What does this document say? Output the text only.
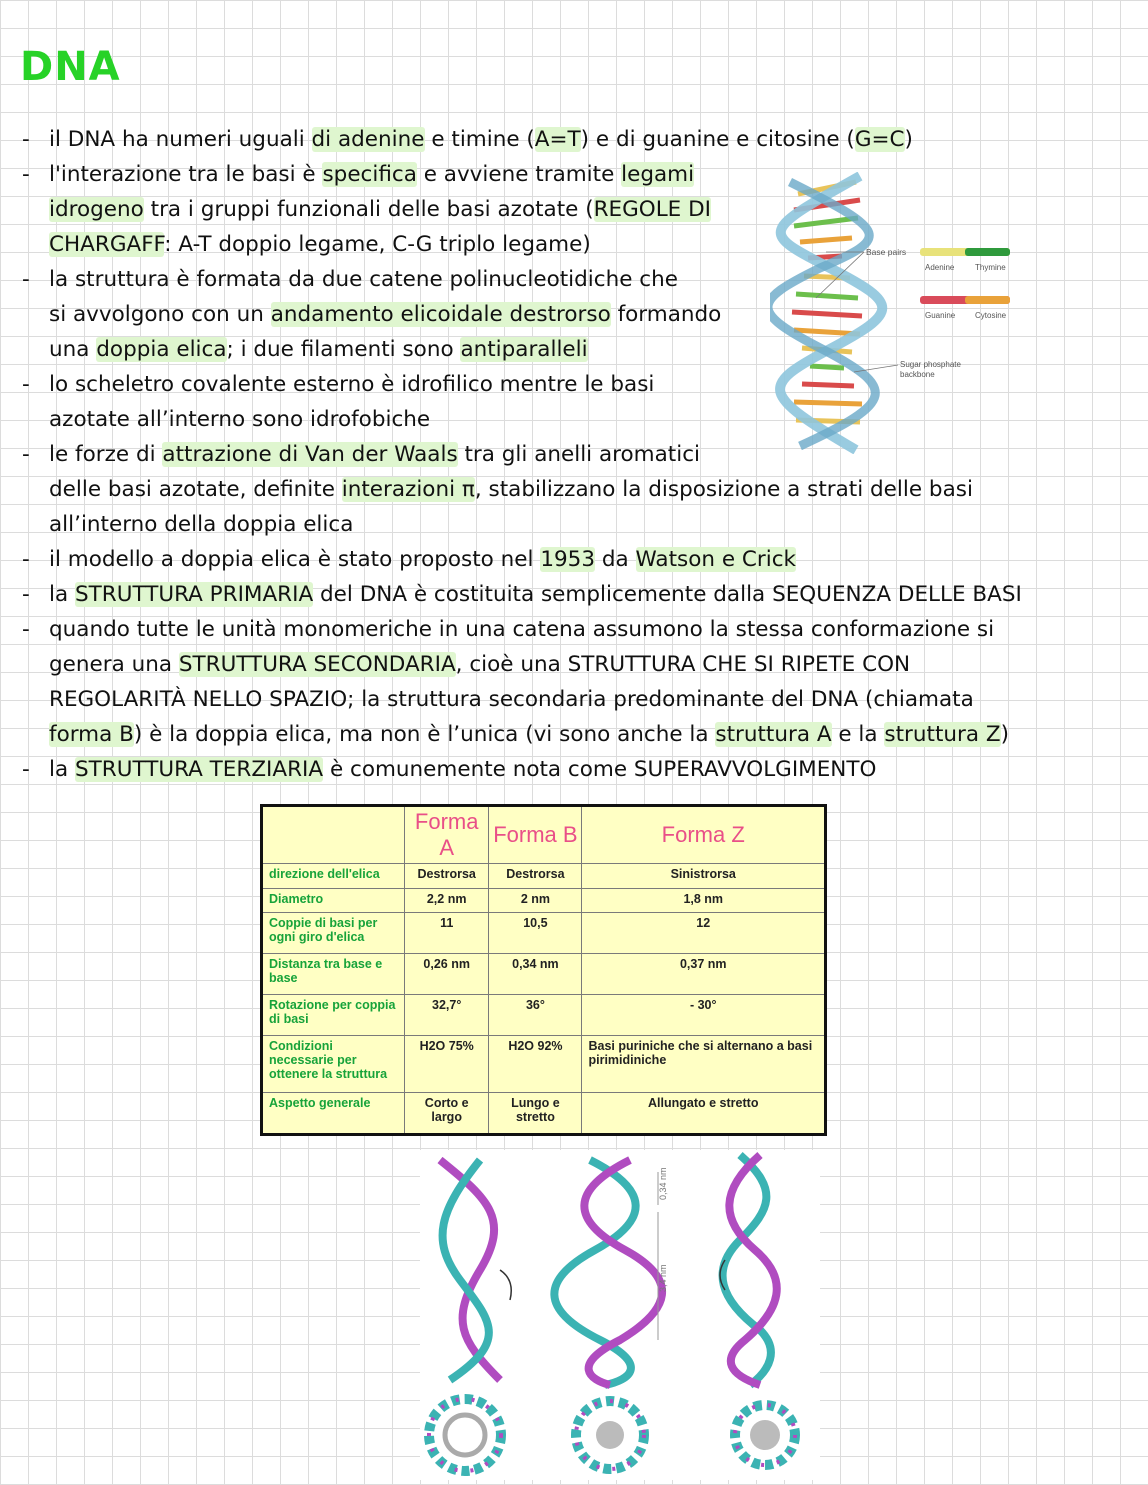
DNA
- il DNA ha numeri uguali di adenine e timine (A=T) e di guanine e citosine (G=C)
- l'interazione tra le basi è specifica e avviene tramite legami
idrogeno tra i gruppi funzionali delle basi azotate (REGOLE DI
CHARGAFF: A-T doppio legame, C-G triplo legame)
- la struttura è formata da due catene polinucleotidiche che
si avvolgono con un andamento elicoidale destrorso formando
una doppia elica; i due filamenti sono antiparalleli
- lo scheletro covalente esterno è idrofilico mentre le basi
azotate all’interno sono idrofobiche
- le forze di attrazione di Van der Waals tra gli anelli aromatici
delle basi azotate, definite interazioni π, stabilizzano la disposizione a strati delle basi
all’interno della doppia elica
- il modello a doppia elica è stato proposto nel 1953 da Watson e Crick
- la STRUTTURA PRIMARIA del DNA è costituita semplicemente dalla SEQUENZA DELLE BASI
- quando tutte le unità monomeriche in una catena assumono la stessa conformazione si
genera una STRUTTURA SECONDARIA, cioè una STRUTTURA CHE SI RIPETE CON
REGOLARITÀ NELLO SPAZIO; la struttura secondaria predominante del DNA (chiamata
forma B) è la doppia elica, ma non è l’unica (vi sono anche la struttura A e la struttura Z)
- la STRUTTURA TERZIARIA è comunemente nota come SUPERAVVOLGIMENTO
Base pairs
Adenine	Thymine
Guanine Cytosine
Sugar phosphate
backbone
	Forma A	Forma B	Forma Z
direzione dell'elica	Destrorsa	Destrorsa	Sinistrorsa
Diametro	2,2 nm	2 nm	1,8 nm
Coppie di basi per ogni giro d'elica	11	10,5	12
Distanza tra base e base	0,26 nm	0,34 nm	0,37 nm
Rotazione per coppia di basi	32,7°	36°	- 30°
Condizioni necessarie per ottenere la struttura	H2O 75%	H2O 92%	Basi puriniche che si alternano a basi pirimidiniche
Aspetto generale	Corto e largo	Lungo e stretto	Allungato e stretto
0,34 nm
3,4 nm
